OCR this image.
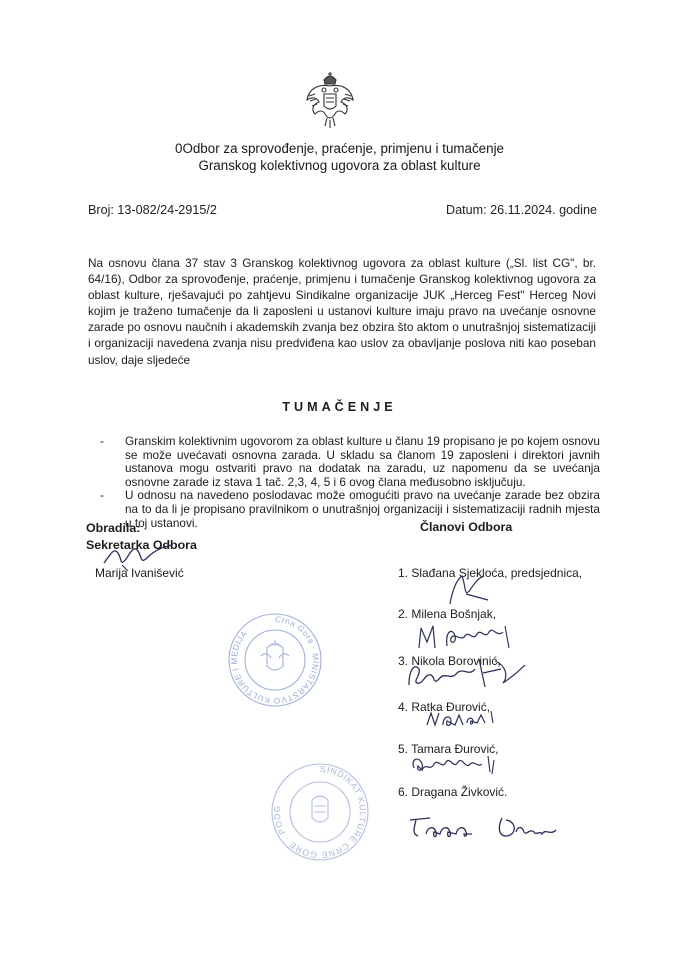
0Odbor za sprovođenje, praćenje, primjenu i tumačenje
Granskog kolektivnog ugovora za oblast kulture
Broj: 13-082/24-2915/2	Datum: 26.11.2024. godine

Na osnovu člana 37 stav 3 Granskog kolektivnog ugovora za oblast kulture („Sl. list CG", br. 64/16), Odbor za sprovođenje, praćenje, primjenu i tumačenje Granskog kolektivnog ugovora za oblast kulture, rješavajući po zahtjevu Sindikalne organizacije JUK „Herceg Fest" Herceg Novi kojim je traženo tumačenje da li zaposleni u ustanovi kulture imaju pravo na uvećanje osnovne zarade po osnovu naučnih i akademskih zvanja bez obzira što aktom o unutrašnjoj sistematizaciji i organizaciji navedena zvanja nisu predviđena kao uslov za obavljanje poslova niti kao poseban uslov, daje sljedeće

TUMAČENJE
- Granskim kolektivnim ugovorom za oblast kulture u članu 19 propisano je po kojem osnovu se može uvećavati osnovna zarada. U skladu sa članom 19 zaposleni i direktori javnih ustanova mogu ostvariti pravo na dodatak na zaradu, uz napomenu da se uvećanja osnovne zarade iz stava 1 tač. 2,3, 4, 5 i 6 ovog člana međusobno isključuju.
- U odnosu na navedeno poslodavac može omogućiti pravo na uvećanje zarade bez obzira na to da li je propisano pravilnikom o unutrašnjoj organizaciji i sistematizaciji radnih mjesta u toj ustanovi.
Obradila:
Sekretarka Odbora
Marija Ivanišević
Članovi Odbora
1. Slađana Sjekloća, predsjednica,
2. Milena Bošnjak,
3. Nikola Borovinić,
4. Ratka Đurović,
5. Tamara Đurović,
6. Dragana Živković.
Crna Gora · MINISTARSTVO KULTURE I MEDIJA
SINDIKAT KULTURE CRNE GORE · PODG
